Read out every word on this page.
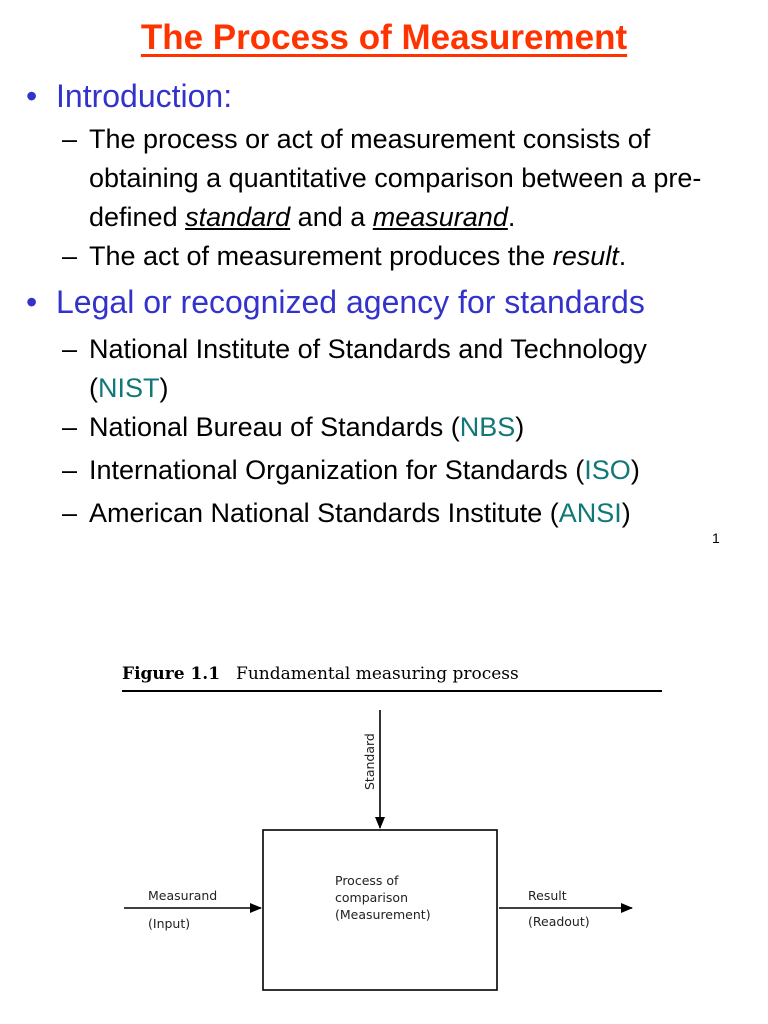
The Process of Measurement
• Introduction:
– The process or act of measurement consists of obtaining a quantitative comparison between a pre-defined standard and a measurand.
– The act of measurement produces the result.
• Legal or recognized agency for standards
– National Institute of Standards and Technology (NIST)
– National Bureau of Standards (NBS)
– International Organization for Standards (ISO)
– American National Standards Institute (ANSI)
1
Figure 1.1 Fundamental measuring process
Standard
Process of
comparison
(Measurement)
Measurand
(Input)
Result
(Readout)
